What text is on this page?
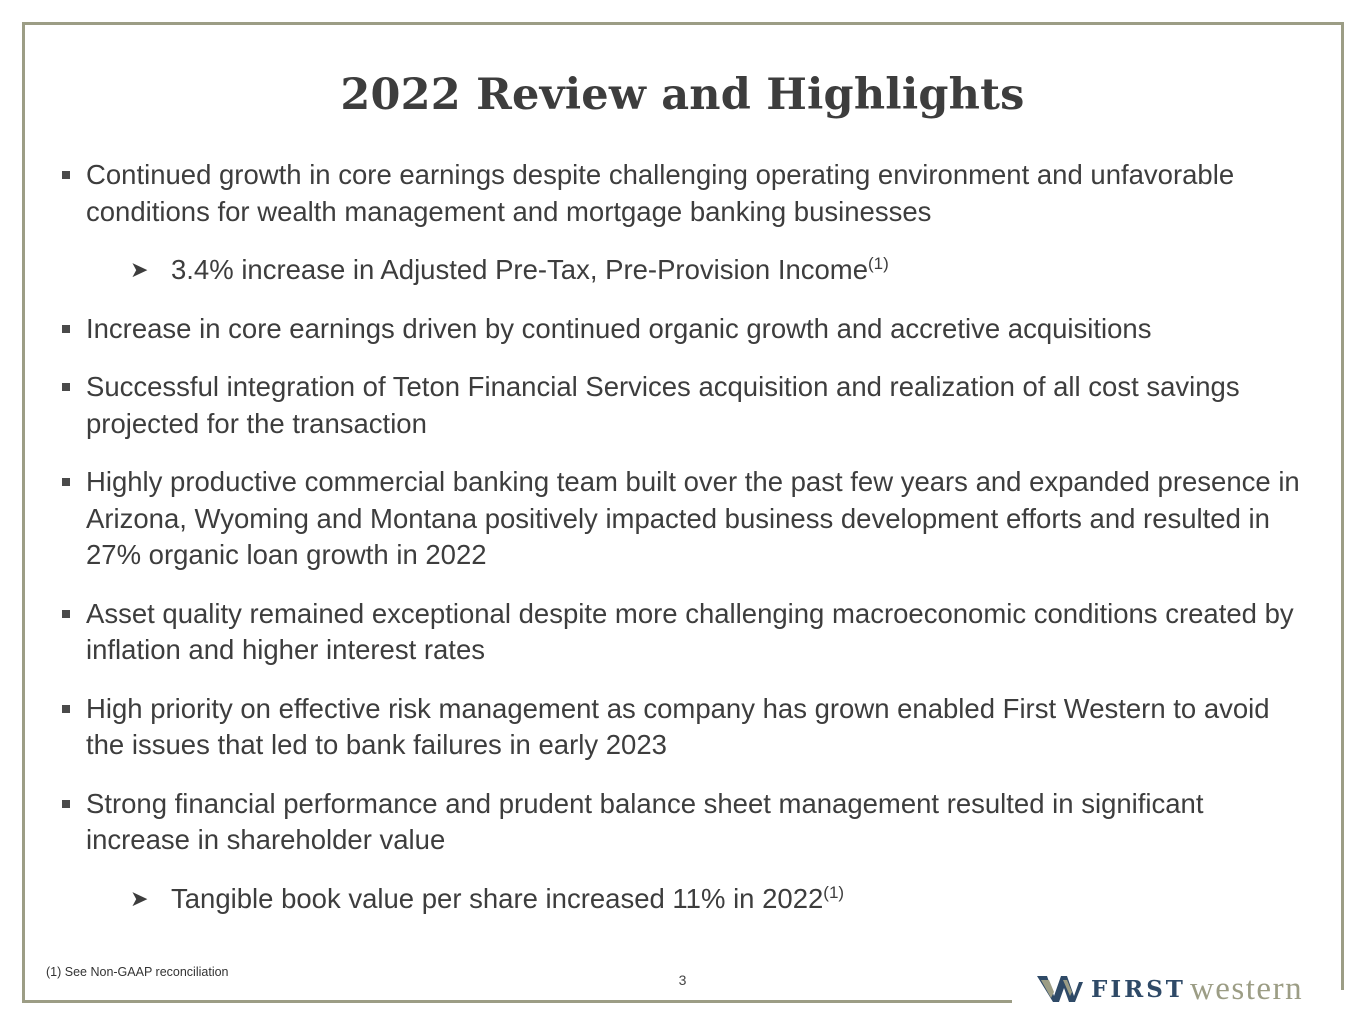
2022 Review and Highlights
Continued growth in core earnings despite challenging operating environment and unfavorable conditions for wealth management and mortgage banking businesses
➤ 3.4% increase in Adjusted Pre-Tax, Pre-Provision Income$^{(1)}$
Increase in core earnings driven by continued organic growth and accretive acquisitions
Successful integration of Teton Financial Services acquisition and realization of all cost savings projected for the transaction
Highly productive commercial banking team built over the past few years and expanded presence in Arizona, Wyoming and Montana positively impacted business development efforts and resulted in 27% organic loan growth in 2022
Asset quality remained exceptional despite more challenging macroeconomic conditions created by inflation and higher interest rates
High priority on effective risk management as company has grown enabled First Western to avoid the issues that led to bank failures in early 2023
Strong financial performance and prudent balance sheet management resulted in significant increase in shareholder value
➤ Tangible book value per share increased 11% in 2022$^{(1)}$
(1) See Non-GAAP reconciliation	3	FIRST western
